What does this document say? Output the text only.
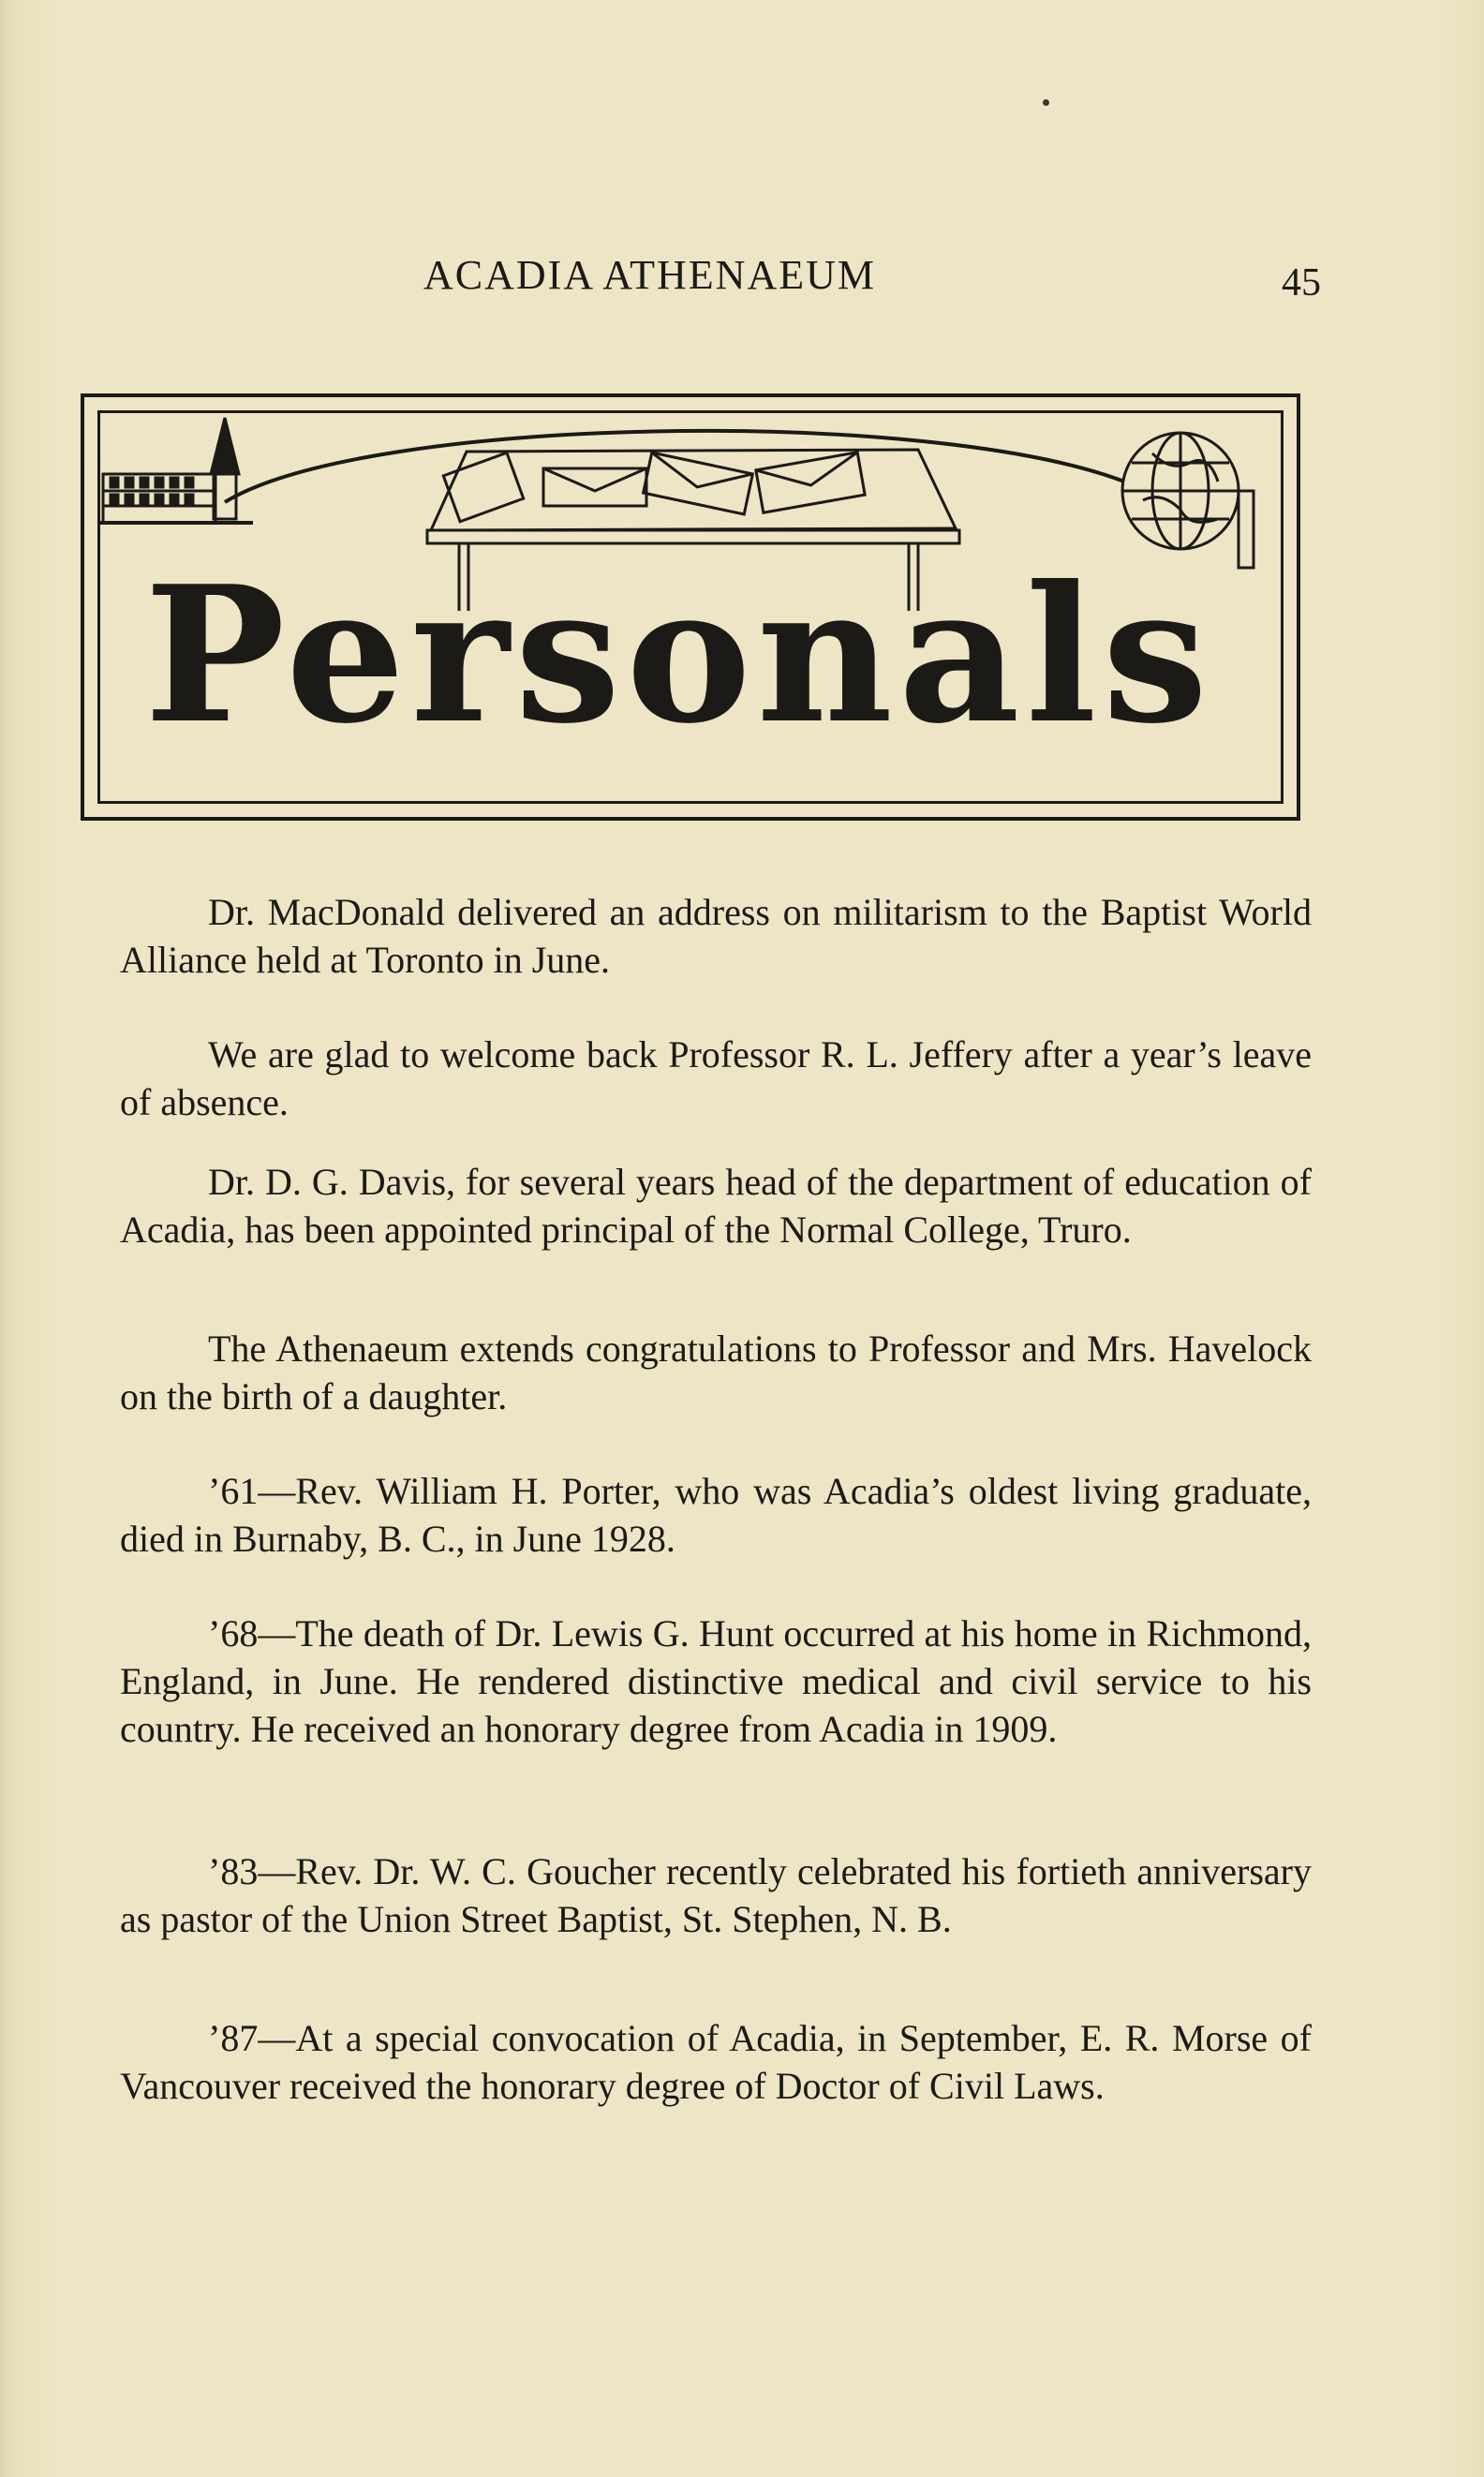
ACADIA ATHENAEUM	45
Personals

Dr. MacDonald delivered an address on militarism to the Baptist World Alliance held at Toronto in June.

We are glad to welcome back Professor R. L. Jeffery after a year’s leave of absence.

Dr. D. G. Davis, for several years head of the department of education of Acadia, has been appointed principal of the Normal College, Truro.

The Athenaeum extends congratulations to Professor and Mrs. Havelock on the birth of a daughter.

’61—Rev. William H. Porter, who was Acadia’s oldest living graduate, died in Burnaby, B. C., in June 1928.

’68—The death of Dr. Lewis G. Hunt occurred at his home in Richmond, England, in June. He rendered distinctive medical and civil service to his country. He received an honorary degree from Acadia in 1909.

’83—Rev. Dr. W. C. Goucher recently celebrated his fortieth anniversary as pastor of the Union Street Baptist, St. Stephen, N. B.

’87—At a special convocation of Acadia, in September, E. R. Morse of Vancouver received the honorary degree of Doctor of Civil Laws.
